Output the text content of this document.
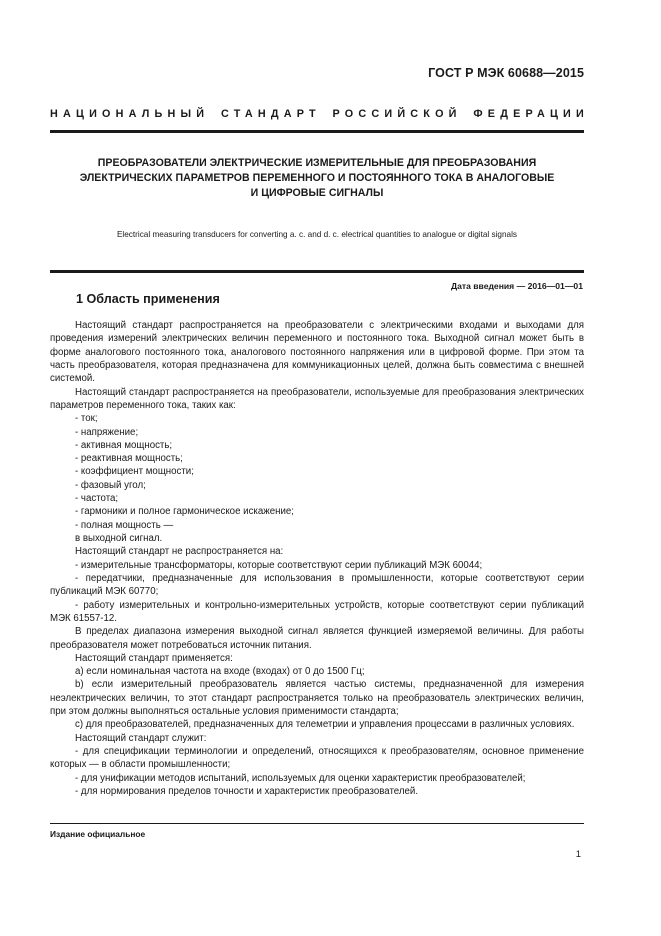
ГОСТ Р МЭК 60688—2015
НАЦИОНАЛЬНЫЙ СТАНДАРТ РОССИЙСКОЙ ФЕДЕРАЦИИ
ПРЕОБРАЗОВАТЕЛИ ЭЛЕКТРИЧЕСКИЕ ИЗМЕРИТЕЛЬНЫЕ ДЛЯ ПРЕОБРАЗОВАНИЯ
ЭЛЕКТРИЧЕСКИХ ПАРАМЕТРОВ ПЕРЕМЕННОГО И ПОСТОЯННОГО ТОКА В АНАЛОГОВЫЕ
И ЦИФРОВЫЕ СИГНАЛЫ
Electrical measuring transducers for converting a. c. and d. c. electrical quantities to analogue or digital signals
Дата введения — 2016—01—01
1 Область применения

Настоящий стандарт распространяется на преобразователи с электрическими входами и выходами для проведения измерений электрических величин переменного и постоянного тока. Выходной сигнал может быть в форме аналогового постоянного тока, аналогового постоянного напряжения или в цифровой форме. При этом та часть преобразователя, которая предназначена для коммуникационных целей, должна быть совместима с внешней системой.

Настоящий стандарт распространяется на преобразователи, используемые для преобразования электрических параметров переменного тока, таких как:

- ток;

- напряжение;

- активная мощность;

- реактивная мощность;

- коэффициент мощности;

- фазовый угол;

- частота;

- гармоники и полное гармоническое искажение;

- полная мощность —

в выходной сигнал.

Настоящий стандарт не распространяется на:

- измерительные трансформаторы, которые соответствуют серии публикаций МЭК 60044;

- передатчики, предназначенные для использования в промышленности, которые соответствуют серии публикаций МЭК 60770;

- работу измерительных и контрольно-измерительных устройств, которые соответствуют серии публикаций МЭК 61557-12.

В пределах диапазона измерения выходной сигнал является функцией измеряемой величины. Для работы преобразователя может потребоваться источник питания.

Настоящий стандарт применяется:

а) если номинальная частота на входе (входах) от 0 до 1500 Гц;

b) если измерительный преобразователь является частью системы, предназначенной для измерения неэлектрических величин, то этот стандарт распространяется только на преобразователь электрических величин, при этом должны выполняться остальные условия применимости стандарта;

с) для преобразователей, предназначенных для телеметрии и управления процессами в различных условиях.

Настоящий стандарт служит:

- для спецификации терминологии и определений, относящихся к преобразователям, основное применение которых — в области промышленности;

- для унификации методов испытаний, используемых для оценки характеристик преобразователей;

- для нормирования пределов точности и характеристик преобразователей.

Издание официальное
1
